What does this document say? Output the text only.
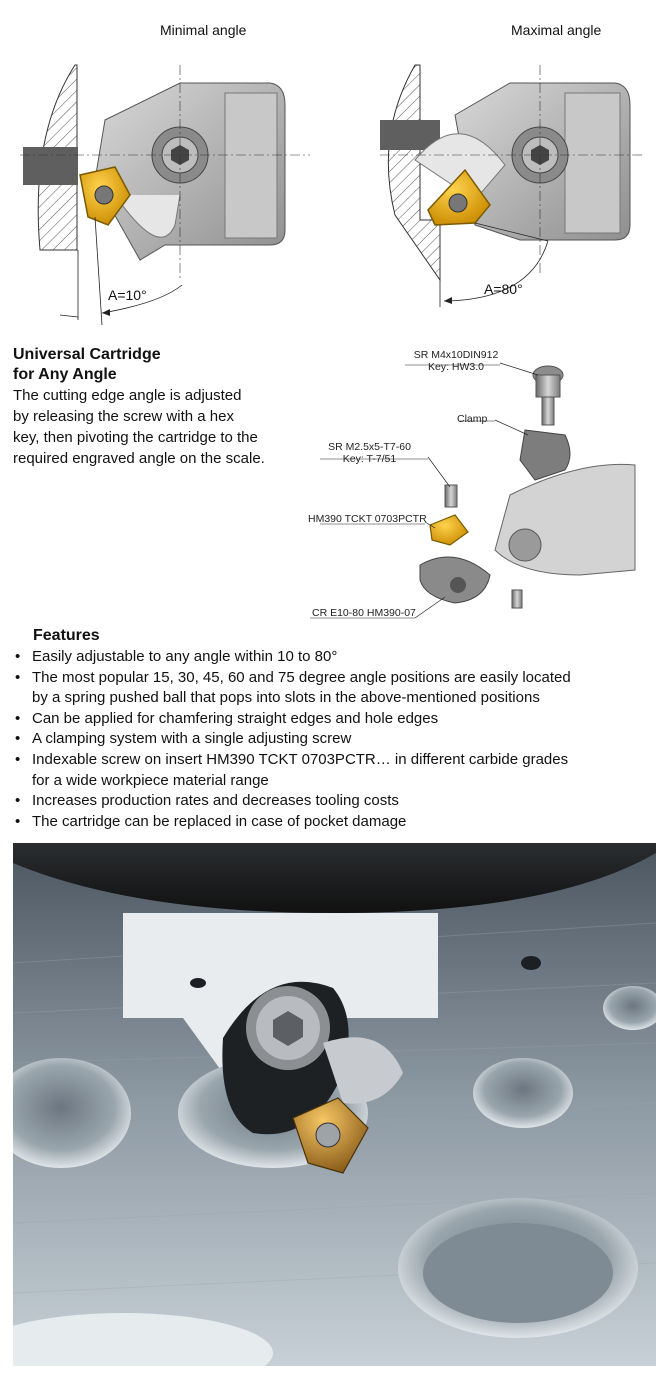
Minimal angle	Maximal angle
A=10°	A=80°
Universal Cartridge
for Any Angle
The cutting edge angle is adjusted
by releasing the screw with a hex
key, then pivoting the cartridge to the
required engraved angle on the scale.
SR M4x10DIN912
Key: HW3.0
Clamp
SR M2.5x5-T7-60
Key: T-7/51
HM390 TCKT 0703PCTR
CR E10-80 HM390-07
Features
• Easily adjustable to any angle within 10 to 80°
• The most popular 15, 30, 45, 60 and 75 degree angle positions are easily located
by a spring pushed ball that pops into slots in the above-mentioned positions
• Can be applied for chamfering straight edges and hole edges
• A clamping system with a single adjusting screw
• Indexable screw on insert HM390 TCKT 0703PCTR… in different carbide grades
for a wide workpiece material range
• Increases production rates and decreases tooling costs
• The cartridge can be replaced in case of pocket damage
